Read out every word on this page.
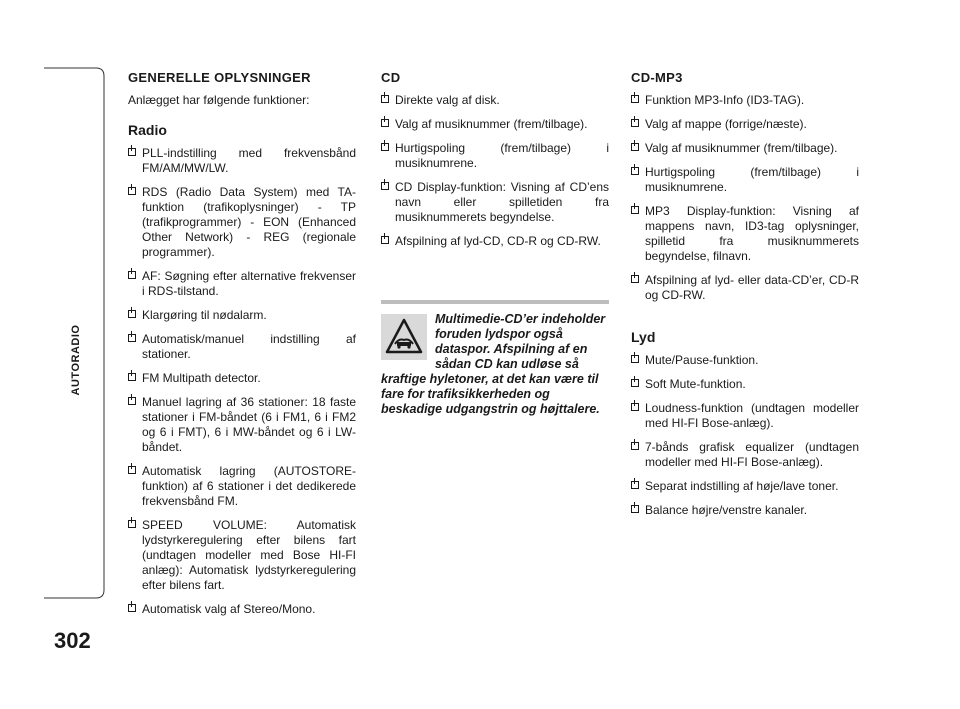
AUTORADIO
302
GENERELLE OPLYSNINGER
Anlægget har følgende funktioner:
Radio
PLL-indstilling med frekvensbånd FM/AM/MW/LW.
RDS (Radio Data System) med TA-funktion (trafikoplysninger) - TP (trafikprogrammer) - EON (Enhanced Other Network) - REG (regionale programmer).
AF: Søgning efter alternative frekvenser i RDS-tilstand.
Klargøring til nødalarm.
Automatisk/manuel indstilling af stationer.
FM Multipath detector.
Manuel lagring af 36 stationer: 18 faste stationer i FM-båndet (6 i FM1, 6 i FM2 og 6 i FMT), 6 i MW-båndet og 6 i LW-båndet.
Automatisk lagring (AUTOSTORE-funktion) af 6 stationer i det dedikerede frekvensbånd FM.
SPEED VOLUME: Automatisk lydstyrkeregulering efter bilens fart (undtagen modeller med Bose HI-FI anlæg): Automatisk lydstyrkeregulering efter bilens fart.
Automatisk valg af Stereo/Mono.
CD
Direkte valg af disk.
Valg af musiknummer (frem/tilbage).
Hurtigspoling (frem/tilbage) i musiknumrene.
CD Display-funktion: Visning af CD’ens navn eller spilletiden fra musiknummerets begyndelse.
Afspilning af lyd-CD, CD-R og CD-RW.

Multimedie-CD’er indeholder foruden lydspor også dataspor. Afspilning af en sådan CD kan udløse så kraftige hyletoner, at det kan være til fare for trafiksikkerheden og beskadige udgangstrin og højttalere.

CD-MP3
Funktion MP3-Info (ID3-TAG).
Valg af mappe (forrige/næste).
Valg af musiknummer (frem/tilbage).
Hurtigspoling (frem/tilbage) i musiknumrene.
MP3 Display-funktion: Visning af mappens navn, ID3-tag oplysninger, spilletid fra musiknummerets begyndelse, filnavn.
Afspilning af lyd- eller data-CD’er, CD-R og CD-RW.
Lyd
Mute/Pause-funktion.
Soft Mute-funktion.
Loudness-funktion (undtagen modeller med HI-FI Bose-anlæg).
7-bånds grafisk equalizer (undtagen modeller med HI-FI Bose-anlæg).
Separat indstilling af høje/lave toner.
Balance højre/venstre kanaler.
